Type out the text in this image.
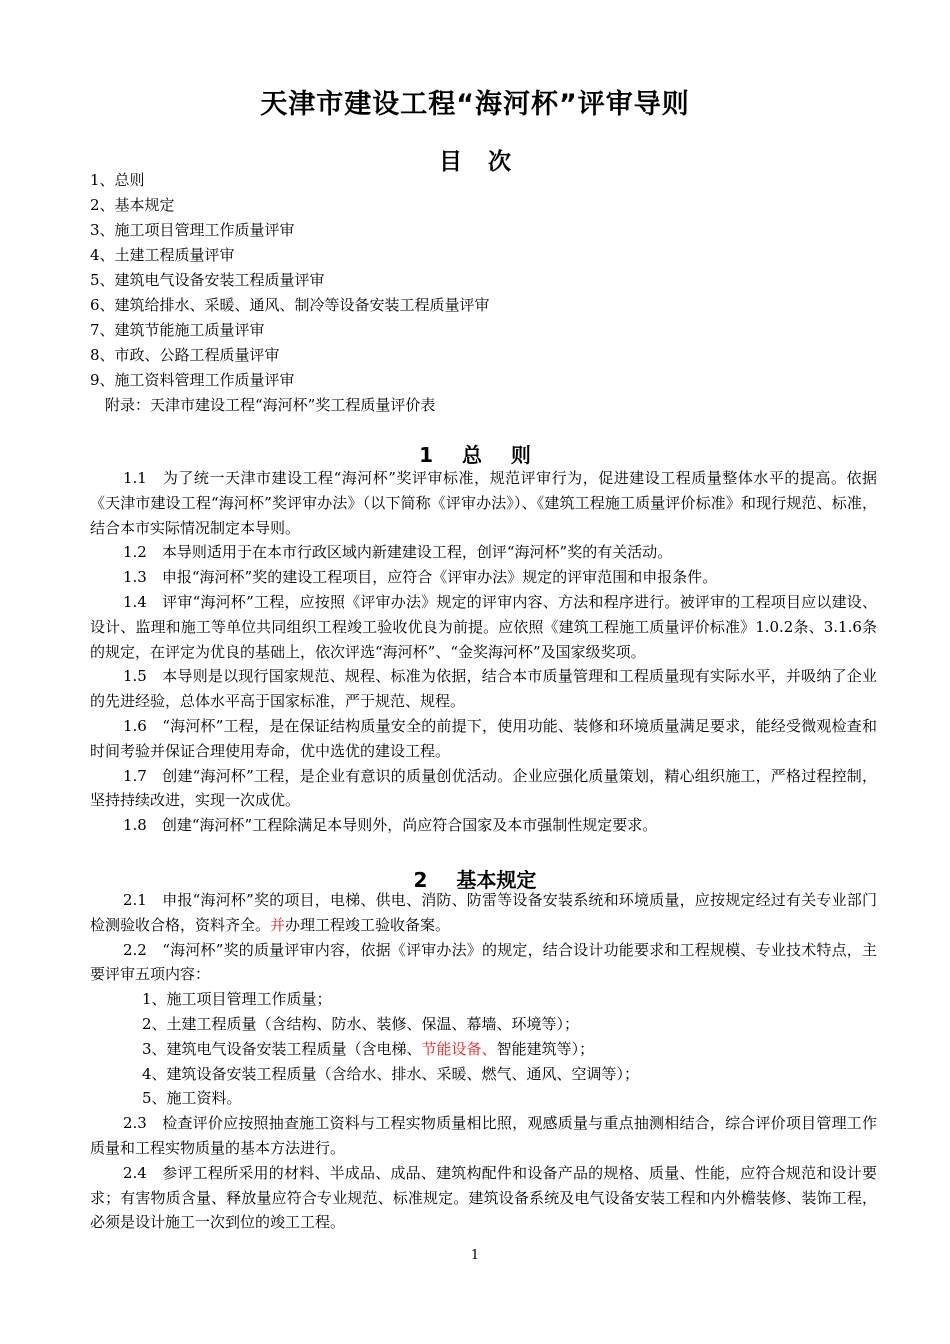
天津市建设工程“海河杯”评审导则
目 次
1、总则
2、基本规定
3、施工项目管理工作质量评审
4、土建工程质量评审
5、建筑电气设备安装工程质量评审
6、建筑给排水、采暖、通风、制冷等设备安装工程质量评审
7、建筑节能施工质量评审
8、市政、公路工程质量评审
9、施工资料管理工作质量评审
附录：天津市建设工程“海河杯”奖工程质量评价表
1 总 则

1.1　为了统一天津市建设工程“海河杯”奖评审标准，规范评审行为，促进建设工程质量整体水平的提高。依据《天津市建设工程“海河杯”奖评审办法》（以下简称《评审办法》）、《建筑工程施工质量评价标准》和现行规范、标准，结合本市实际情况制定本导则。

1.2　本导则适用于在本市行政区域内新建建设工程，创评“海河杯”奖的有关活动。

1.3　申报“海河杯”奖的建设工程项目，应符合《评审办法》规定的评审范围和申报条件。

1.4　评审“海河杯”工程，应按照《评审办法》规定的评审内容、方法和程序进行。被评审的工程项目应以建设、设计、监理和施工等单位共同组织工程竣工验收优良为前提。应依照《建筑工程施工质量评价标准》1.0.2条、3.1.6条的规定，在评定为优良的基础上，依次评选“海河杯”、“金奖海河杯”及国家级奖项。

1.5　本导则是以现行国家规范、规程、标准为依据，结合本市质量管理和工程质量现有实际水平，并吸纳了企业的先进经验，总体水平高于国家标准，严于规范、规程。

1.6　“海河杯”工程，是在保证结构质量安全的前提下，使用功能、装修和环境质量满足要求，能经受微观检查和时间考验并保证合理使用寿命，优中选优的建设工程。

1.7　创建“海河杯”工程，是企业有意识的质量创优活动。企业应强化质量策划，精心组织施工，严格过程控制，坚持持续改进，实现一次成优。

1.8　创建“海河杯”工程除满足本导则外，尚应符合国家及本市强制性规定要求。

2 基本规定

2.1　申报“海河杯”奖的项目，电梯、供电、消防、防雷等设备安装系统和环境质量，应按规定经过有关专业部门检测验收合格，资料齐全。并办理工程竣工验收备案。

2.2　“海河杯”奖的质量评审内容，依据《评审办法》的规定，结合设计功能要求和工程规模、专业技术特点，主要评审五项内容：

1、施工项目管理工作质量；

2、土建工程质量（含结构、防水、装修、保温、幕墙、环境等）；

3、建筑电气设备安装工程质量（含电梯、节能设备、智能建筑等）；

4、建筑设备安装工程质量（含给水、排水、采暖、燃气、通风、空调等）；

5、施工资料。

2.3　检查评价应按照抽查施工资料与工程实物质量相比照，观感质量与重点抽测相结合，综合评价项目管理工作质量和工程实物质量的基本方法进行。

2.4　参评工程所采用的材料、半成品、成品、建筑构配件和设备产品的规格、质量、性能，应符合规范和设计要求；有害物质含量、释放量应符合专业规范、标准规定。建筑设备系统及电气设备安装工程和内外檐装修、装饰工程，必须是设计施工一次到位的竣工工程。

1
